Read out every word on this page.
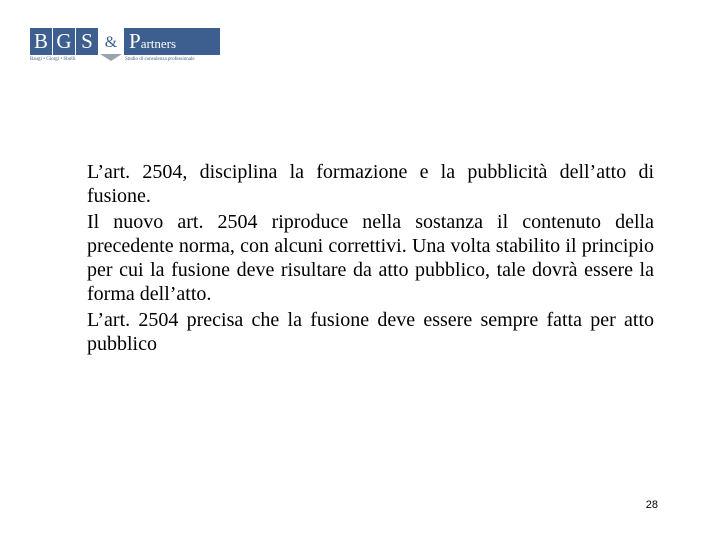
B G S & Partners
Baugi • Giorgi • Sbolli	Studio di consulenza professionale

L’art. 2504, disciplina la formazione e la pubblicità dell’atto di fusione.

Il nuovo art. 2504 riproduce nella sostanza il contenuto della precedente norma, con alcuni correttivi. Una volta stabilito il principio per cui la fusione deve risultare da atto pubblico, tale dovrà essere la forma dell’atto.

L’art. 2504 precisa che la fusione deve essere sempre fatta per atto pubblico

28
